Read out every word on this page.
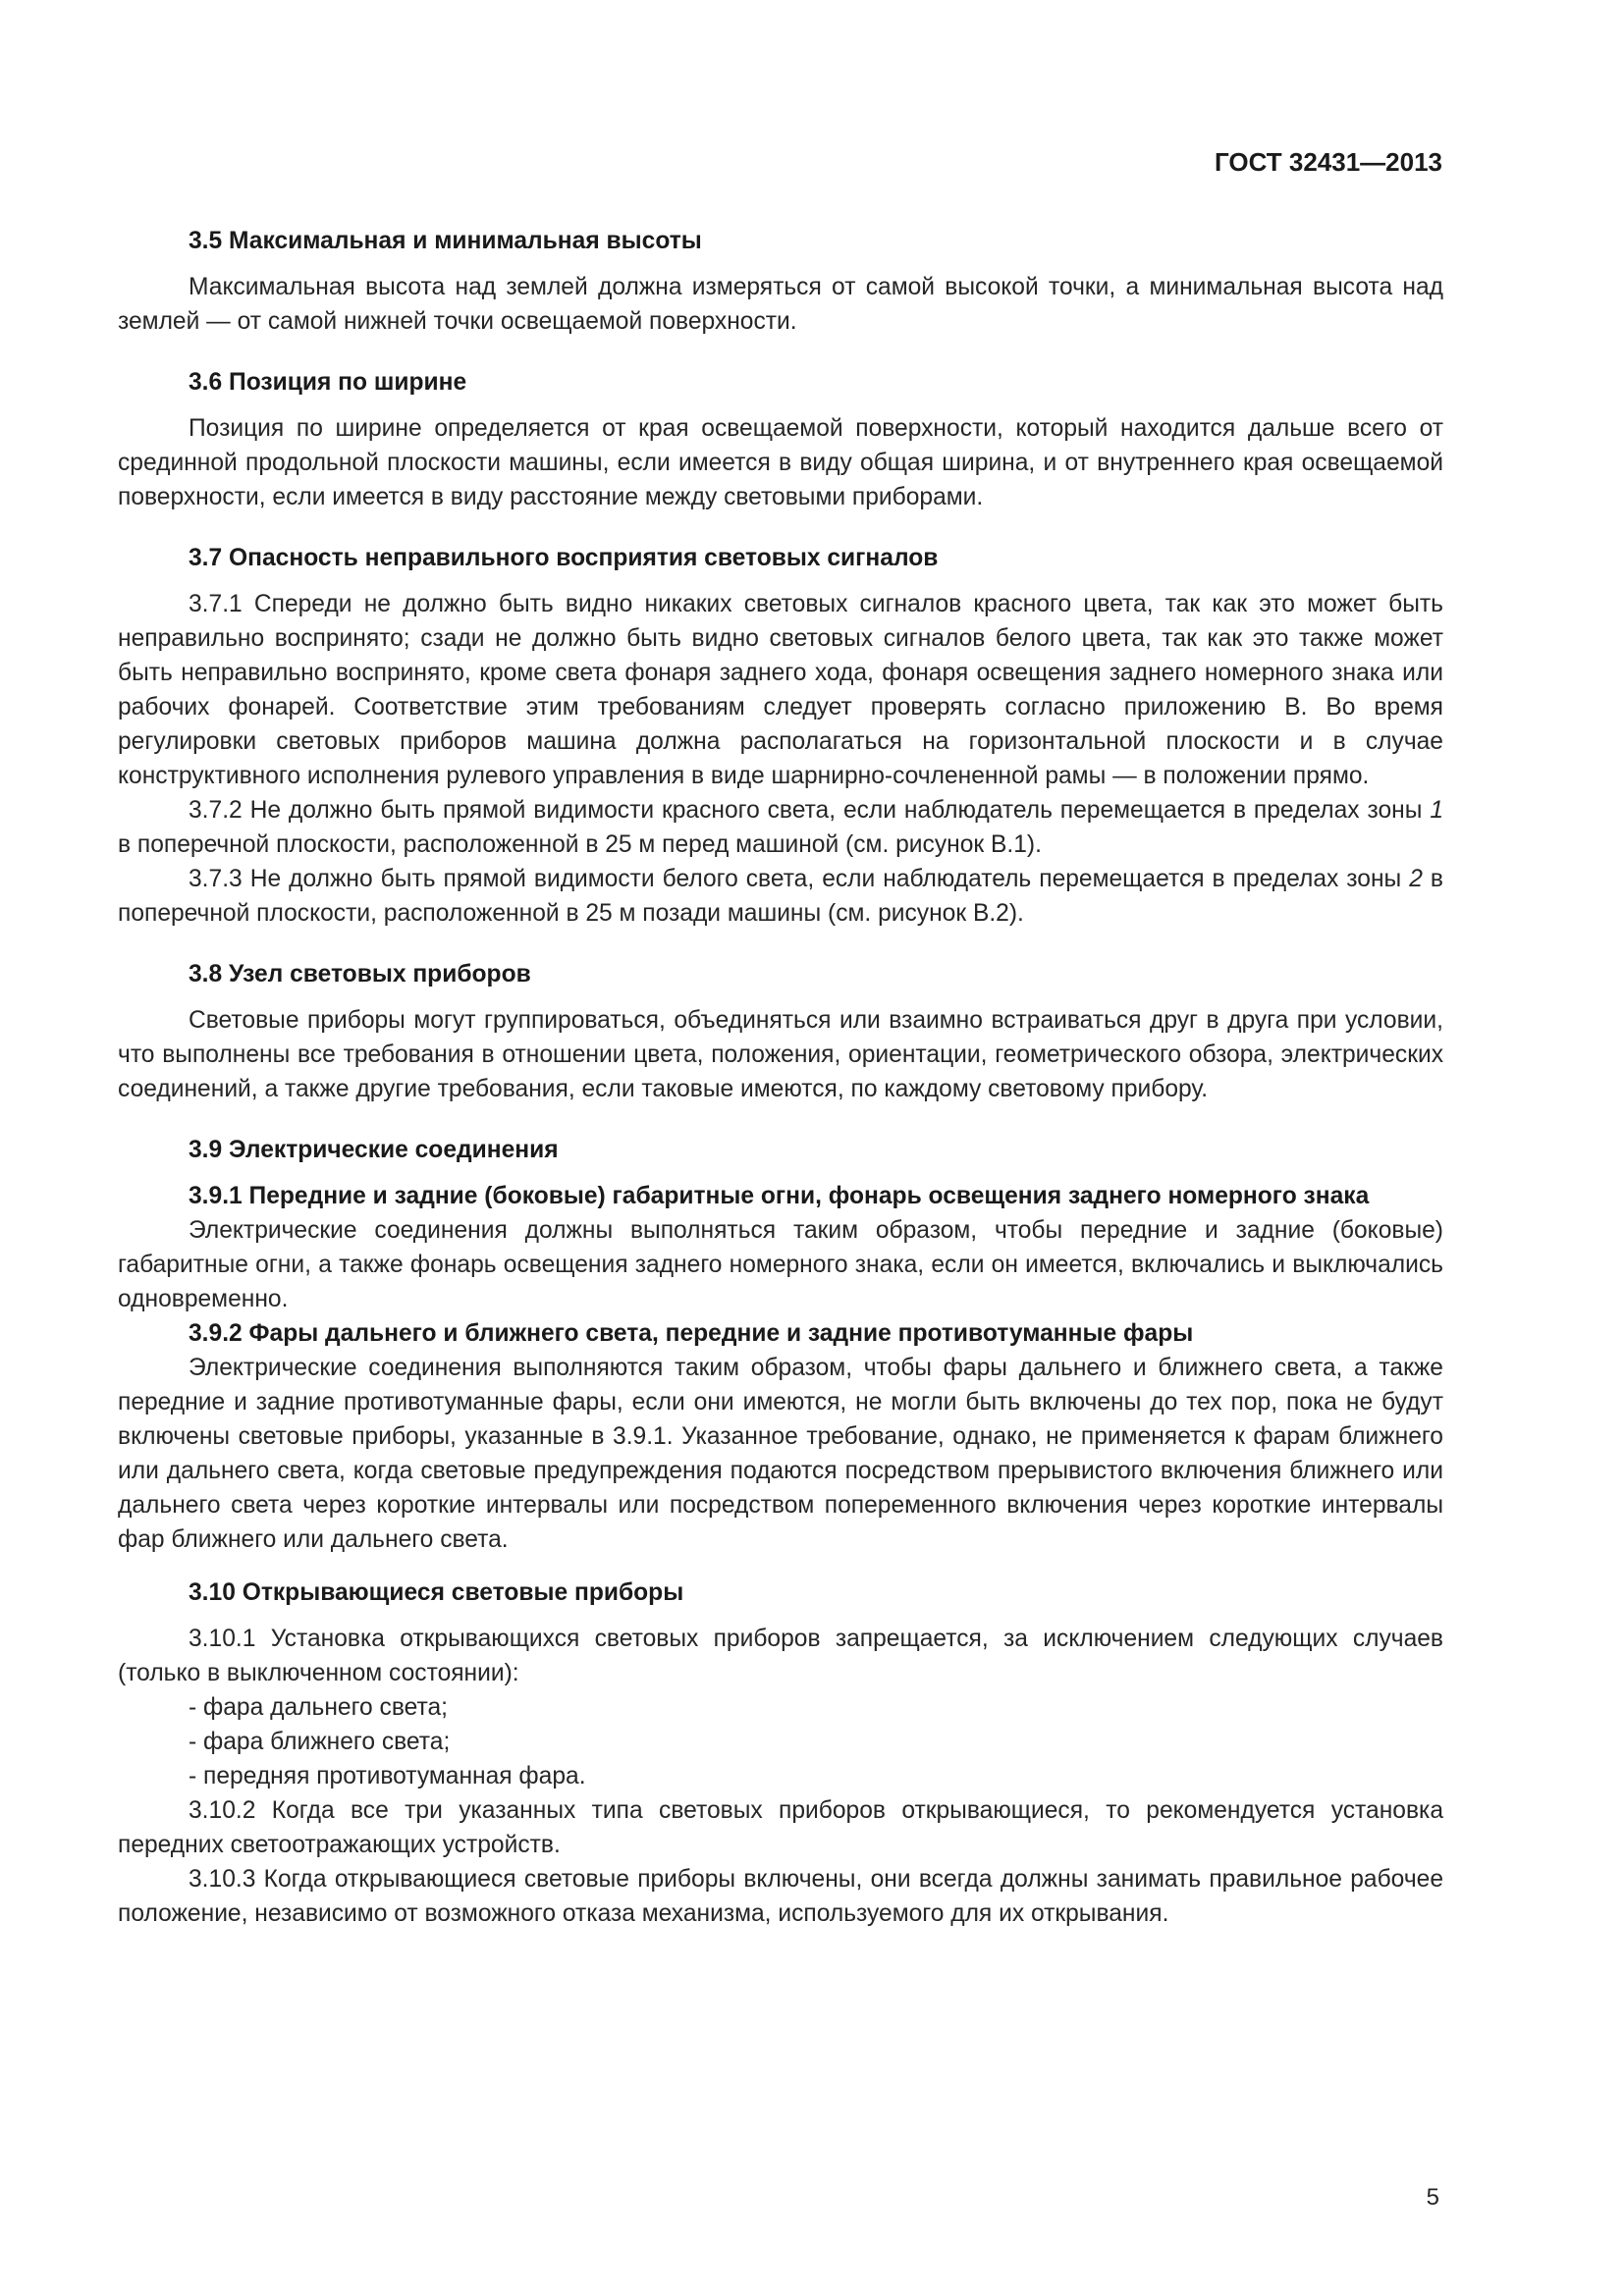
ГОСТ 32431—2013

3.5 Максимальная и минимальная высоты

Максимальная высота над землей должна измеряться от самой высокой точки, а минимальная высота над землей — от самой нижней точки освещаемой поверхности.

3.6 Позиция по ширине

Позиция по ширине определяется от края освещаемой поверхности, который находится дальше всего от срединной продольной плоскости машины, если имеется в виду общая ширина, и от внутреннего края освещаемой поверхности, если имеется в виду расстояние между световыми приборами.

3.7 Опасность неправильного восприятия световых сигналов

3.7.1 Спереди не должно быть видно никаких световых сигналов красного цвета, так как это может быть неправильно воспринято; сзади не должно быть видно световых сигналов белого цвета, так как это также может быть неправильно воспринято, кроме света фонаря заднего хода, фонаря освещения заднего номерного знака или рабочих фонарей. Соответствие этим требованиям следует проверять согласно приложению В. Во время регулировки световых приборов машина должна располагаться на горизонтальной плоскости и в случае конструктивного исполнения рулевого управления в виде шарнирно-сочлененной рамы — в положении прямо.

3.7.2 Не должно быть прямой видимости красного света, если наблюдатель перемещается в пределах зоны 1 в поперечной плоскости, расположенной в 25 м перед машиной (см. рисунок В.1).

3.7.3 Не должно быть прямой видимости белого света, если наблюдатель перемещается в пределах зоны 2 в поперечной плоскости, расположенной в 25 м позади машины (см. рисунок В.2).

3.8 Узел световых приборов

Световые приборы могут группироваться, объединяться или взаимно встраиваться друг в друга при условии, что выполнены все требования в отношении цвета, положения, ориентации, геометрического обзора, электрических соединений, а также другие требования, если таковые имеются, по каждому световому прибору.

3.9 Электрические соединения

3.9.1 Передние и задние (боковые) габаритные огни, фонарь освещения заднего номерного знака

Электрические соединения должны выполняться таким образом, чтобы передние и задние (боковые) габаритные огни, а также фонарь освещения заднего номерного знака, если он имеется, включались и выключались одновременно.

3.9.2 Фары дальнего и ближнего света, передние и задние противотуманные фары

Электрические соединения выполняются таким образом, чтобы фары дальнего и ближнего света, а также передние и задние противотуманные фары, если они имеются, не могли быть включены до тех пор, пока не будут включены световые приборы, указанные в 3.9.1. Указанное требование, однако, не применяется к фарам ближнего или дальнего света, когда световые предупреждения подаются посредством прерывистого включения ближнего или дальнего света через короткие интервалы или посредством попеременного включения через короткие интервалы фар ближнего или дальнего света.

3.10 Открывающиеся световые приборы

3.10.1 Установка открывающихся световых приборов запрещается, за исключением следующих случаев (только в выключенном состоянии):

- фара дальнего света;

- фара ближнего света;

- передняя противотуманная фара.

3.10.2 Когда все три указанных типа световых приборов открывающиеся, то рекомендуется установка передних светоотражающих устройств.

3.10.3 Когда открывающиеся световые приборы включены, они всегда должны занимать правильное рабочее положение, независимо от возможного отказа механизма, используемого для их открывания.

5
